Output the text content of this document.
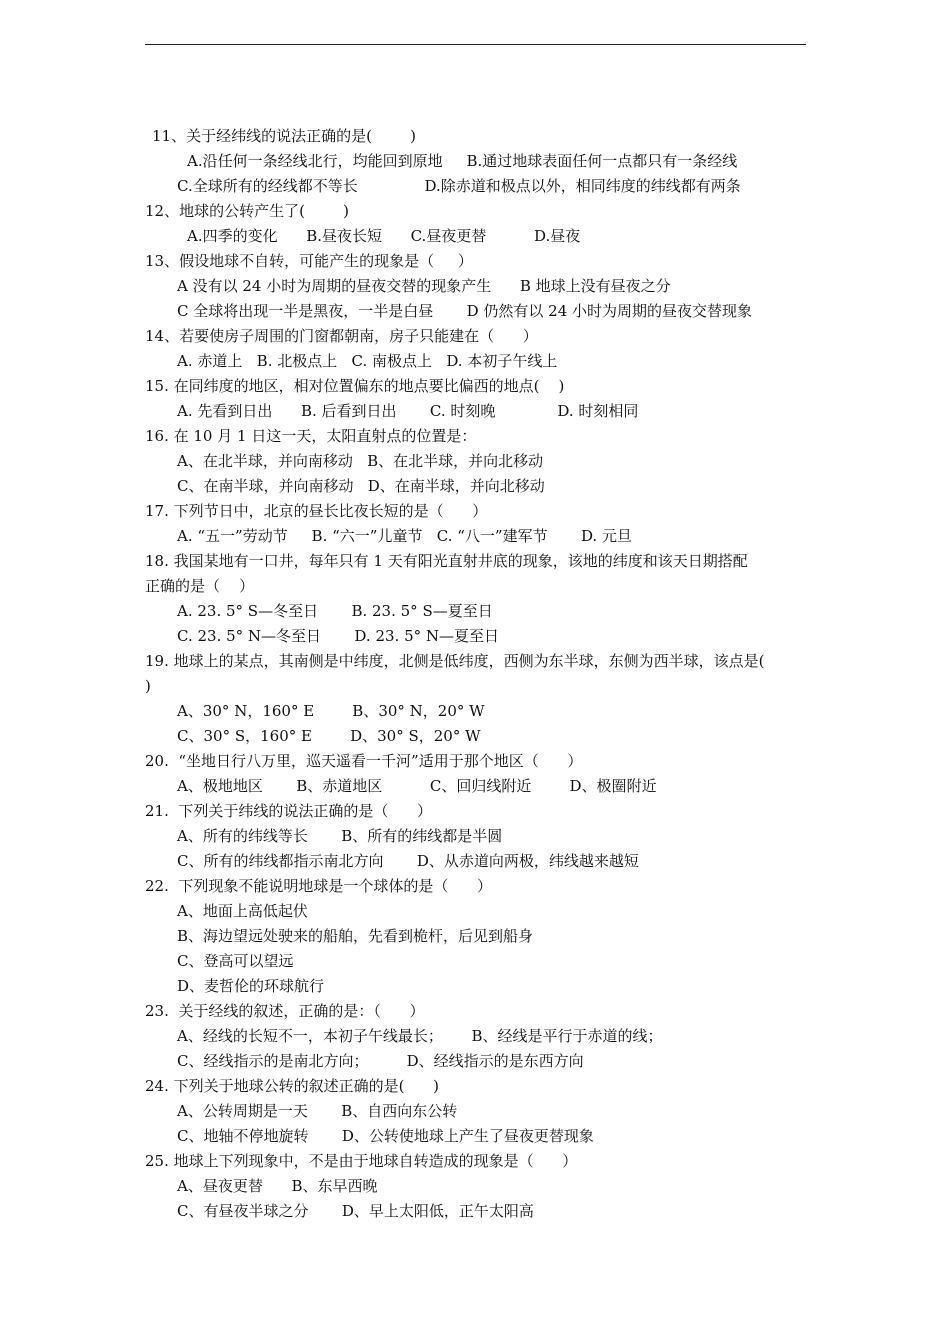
11、关于经纬线的说法正确的是(        )
A.沿任何一条经线北行，均能回到原地     B.通过地球表面任何一点都只有一条经线
C.全球所有的经线都不等长              D.除赤道和极点以外，相同纬度的纬线都有两条
12、地球的公转产生了(        )
A.四季的变化      B.昼夜长短      C.昼夜更替          D.昼夜
13、假设地球不自转，可能产生的现象是（     ）
A 没有以 24 小时为周期的昼夜交替的现象产生      B 地球上没有昼夜之分
C 全球将出现一半是黑夜，一半是白昼       D 仍然有以 24 小时为周期的昼夜交替现象
14、若要使房子周围的门窗都朝南，房子只能建在（      ）
A. 赤道上   B. 北极点上   C. 南极点上   D. 本初子午线上
15. 在同纬度的地区，相对位置偏东的地点要比偏西的地点(    )
A. 先看到日出      B. 后看到日出       C. 时刻晚             D. 时刻相同
16. 在 10 月 1 日这一天，太阳直射点的位置是：
A、在北半球，并向南移动   B、在北半球，并向北移动
C、在南半球，并向南移动   D、在南半球，并向北移动
17. 下列节日中，北京的昼长比夜长短的是（      ）
A. “五一”劳动节     B. “六一”儿童节   C. “八一”建军节       D. 元旦
18. 我国某地有一口井，每年只有 1 天有阳光直射井底的现象，该地的纬度和该天日期搭配
正确的是（    ）
A. 23. 5° S—冬至日       B. 23. 5° S—夏至日
C. 23. 5° N—冬至日       D. 23. 5° N—夏至日
19. 地球上的某点，其南侧是中纬度，北侧是低纬度，西侧为东半球，东侧为西半球，该点是(
)
A、30° N，160° E        B、30° N，20° W
C、30° S，160° E        D、30° S，20° W
20.  “坐地日行八万里，巡天遥看一千河”适用于那个地区（      ）
A、极地地区       B、赤道地区          C、回归线附近        D、极圈附近
21.  下列关于纬线的说法正确的是（      ）
A、所有的纬线等长       B、所有的纬线都是半圆
C、所有的纬线都指示南北方向       D、从赤道向两极，纬线越来越短
22.  下列现象不能说明地球是一个球体的是（      ）
A、地面上高低起伏
B、海边望远处驶来的船舶，先看到桅杆，后见到船身
C、登高可以望远
D、麦哲伦的环球航行
23.  关于经线的叙述，正确的是：（      ）
A、经线的长短不一，本初子午线最长；      B、经线是平行于赤道的线；
C、经线指示的是南北方向；        D、经线指示的是东西方向
24. 下列关于地球公转的叙述正确的是(      )
A、公转周期是一天       B、自西向东公转
C、地轴不停地旋转       D、公转使地球上产生了昼夜更替现象
25. 地球上下列现象中，不是由于地球自转造成的现象是（      ）
A、昼夜更替      B、东早西晚
C、有昼夜半球之分       D、早上太阳低，正午太阳高
